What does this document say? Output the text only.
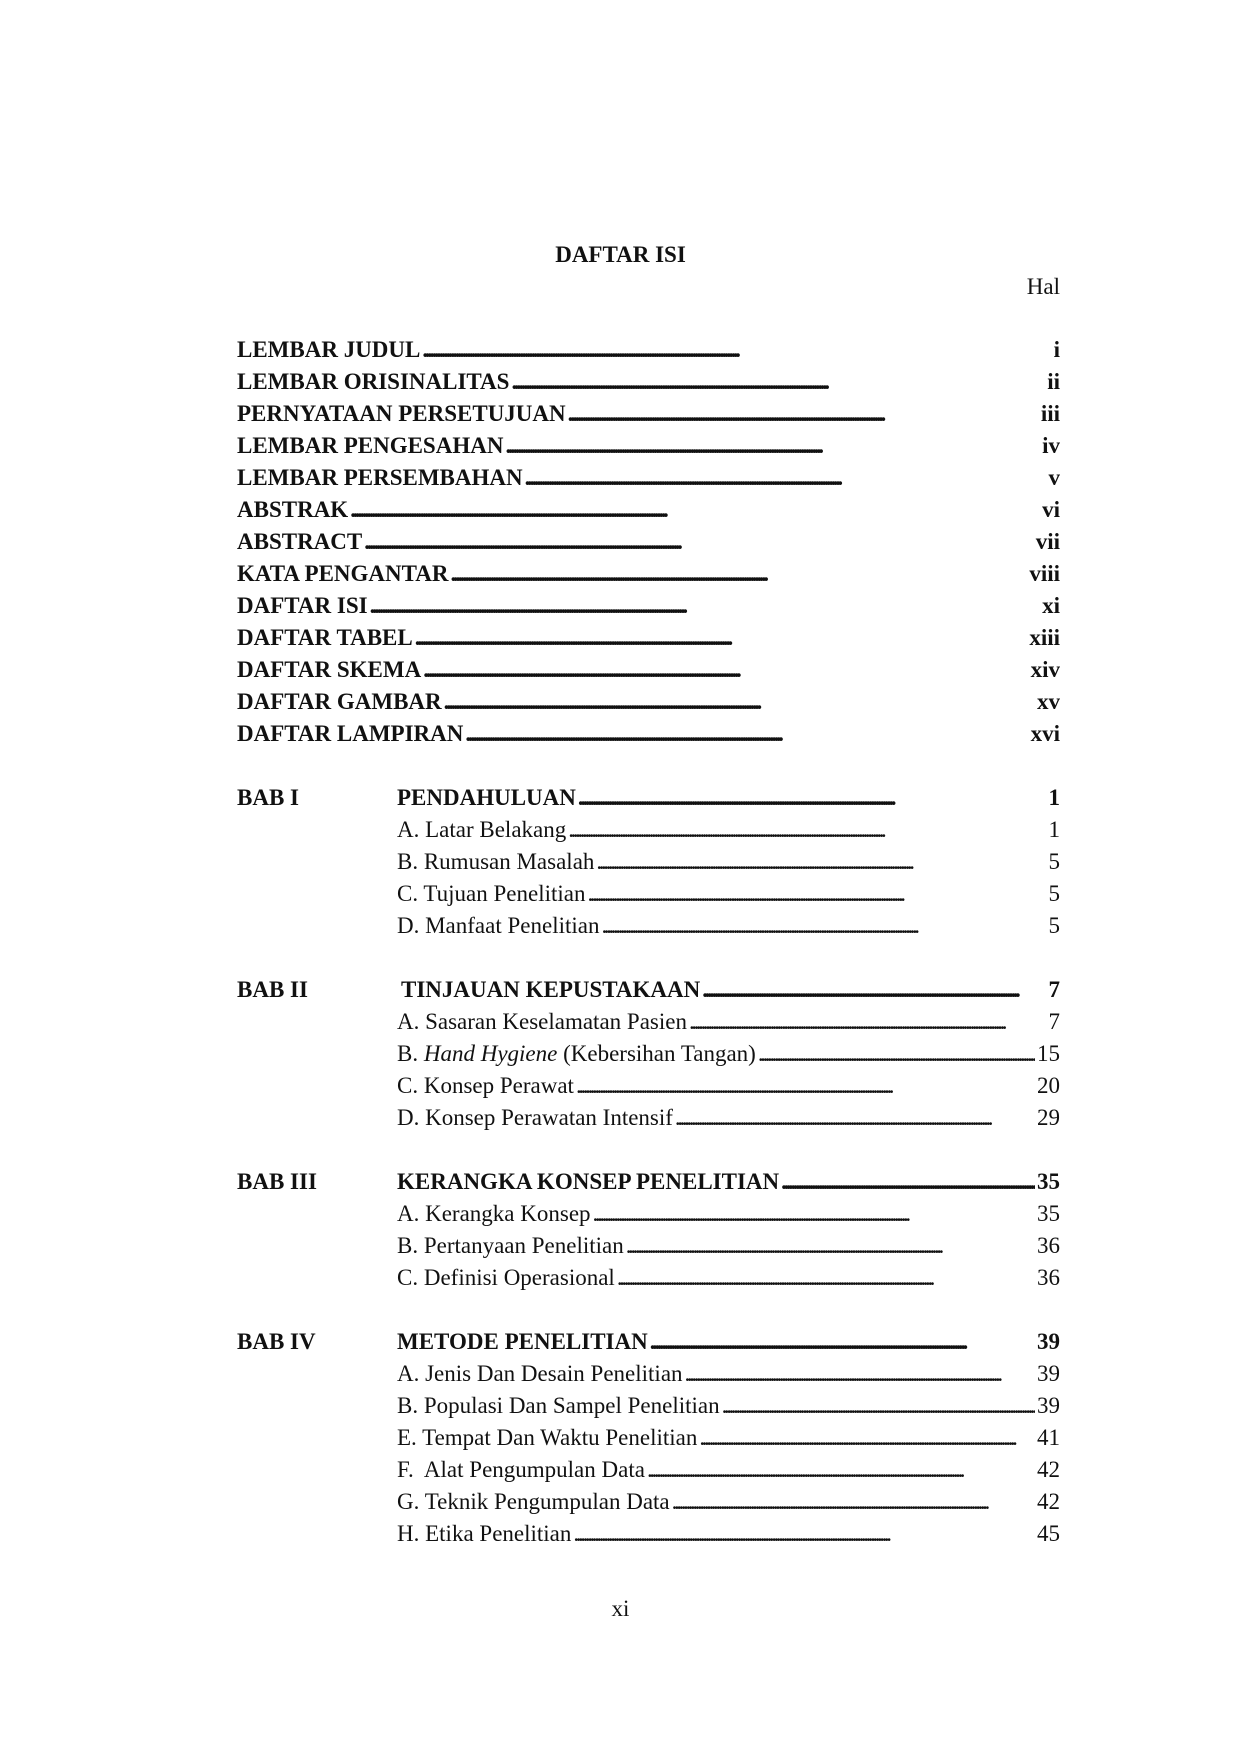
DAFTAR ISI
Hal
LEMBAR JUDUL . . .	i
LEMBAR ORISINALITAS . . .	ii
PERNYATAAN PERSETUJUAN . . .	iii
LEMBAR PENGESAHAN . . .	iv
LEMBAR PERSEMBAHAN . . .	v
ABSTRAK . . .	vi
ABSTRACT . . .	vii
KATA PENGANTAR . . .	viii
DAFTAR ISI . . .	xi
DAFTAR TABEL . . .	xiii
DAFTAR SKEMA . . .	xiv
DAFTAR GAMBAR . . .	xv
DAFTAR LAMPIRAN . . .	xvi
BAB I	PENDAHULUAN . . .	1
A. Latar Belakang . . .	1
B. Rumusan Masalah . . .	5
C. Tujuan Penelitian . . .	5
D. Manfaat Penelitian . . .	5
BAB II	TINJAUAN KEPUSTAKAAN . . .	7
A. Sasaran Keselamatan Pasien . . .	7
B. Hand Hygiene (Kebersihan Tangan) . . .	15
C. Konsep Perawat . . .	20
D. Konsep Perawatan Intensif . . .	29
BAB III	KERANGKA KONSEP PENELITIAN . . .	35
A. Kerangka Konsep . . .	35
B. Pertanyaan Penelitian . . .	36
C. Definisi Operasional . . .	36
BAB IV	METODE PENELITIAN . . .	39
A. Jenis Dan Desain Penelitian . . .	39
B. Populasi Dan Sampel Penelitian . . .	39
E. Tempat Dan Waktu Penelitian . . .	41
F.  Alat Pengumpulan Data . . .	42
G. Teknik Pengumpulan Data . . .	42
H. Etika Penelitian . . .	45
xi
